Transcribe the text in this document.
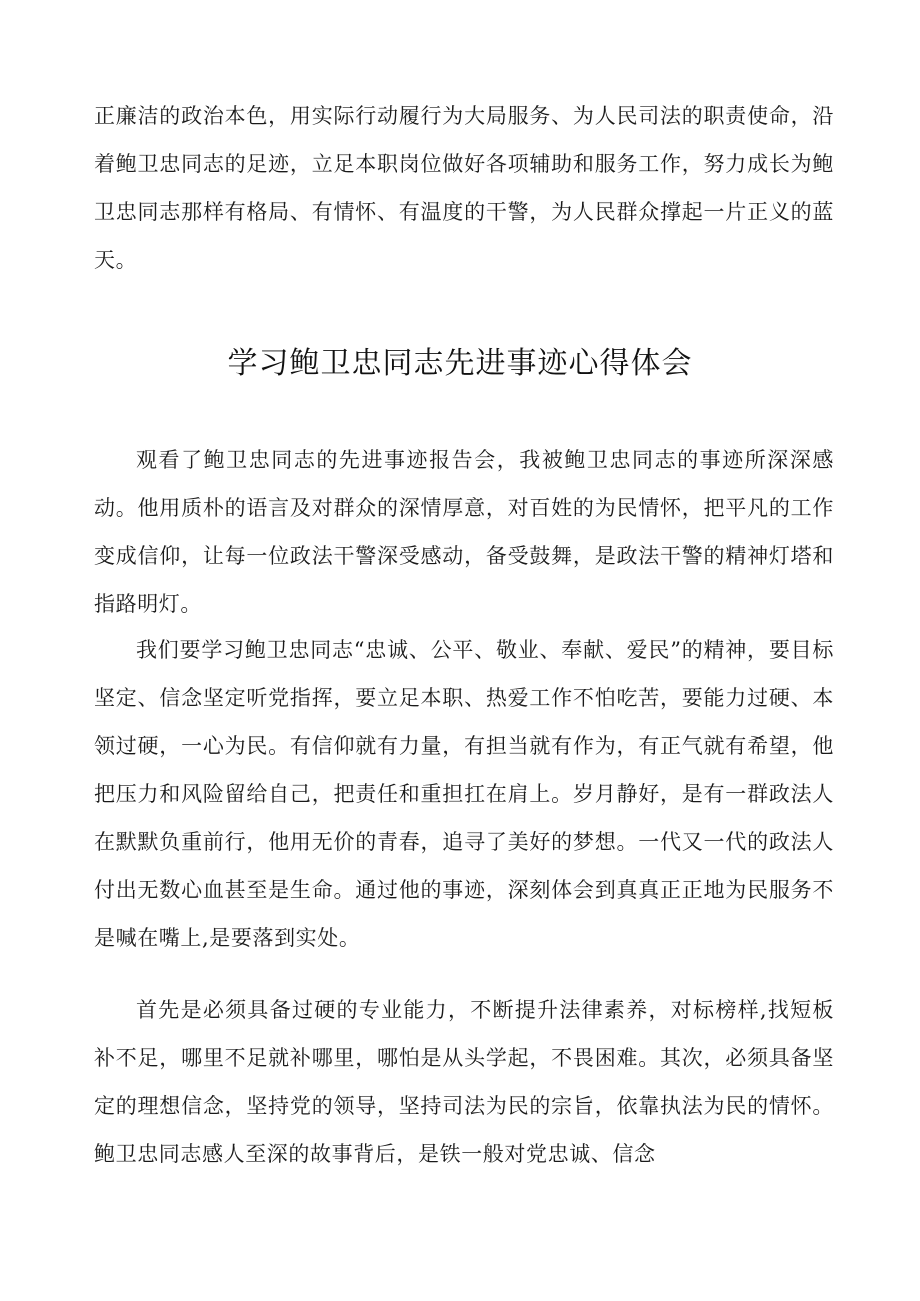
正廉洁的政治本色，用实际行动履行为大局服务、为人民司法的职责使命，沿着鲍卫忠同志的足迹，立足本职岗位做好各项辅助和服务工作，努力成长为鲍卫忠同志那样有格局、有情怀、有温度的干警，为人民群众撑起一片正义的蓝天。

学习鲍卫忠同志先进事迹心得体会

观看了鲍卫忠同志的先进事迹报告会，我被鲍卫忠同志的事迹所深深感动。他用质朴的语言及对群众的深情厚意，对百姓的为民情怀，把平凡的工作变成信仰，让每一位政法干警深受感动，备受鼓舞，是政法干警的精神灯塔和指路明灯。

我们要学习鲍卫忠同志“忠诚、公平、敬业、奉献、爱民”的精神，要目标坚定、信念坚定听党指挥，要立足本职、热爱工作不怕吃苦，要能力过硬、本领过硬，一心为民。有信仰就有力量，有担当就有作为，有正气就有希望，他把压力和风险留给自己，把责任和重担扛在肩上。岁月静好，是有一群政法人在默默负重前行，他用无价的青春，追寻了美好的梦想。一代又一代的政法人付出无数心血甚至是生命。通过他的事迹，深刻体会到真真正正地为民服务不是喊在嘴上,是要落到实处。

首先是必须具备过硬的专业能力，不断提升法律素养，对标榜样,找短板补不足，哪里不足就补哪里，哪怕是从头学起，不畏困难。其次，必须具备坚定的理想信念，坚持党的领导，坚持司法为民的宗旨，依靠执法为民的情怀。鲍卫忠同志感人至深的故事背后，是铁一般对党忠诚、信念
